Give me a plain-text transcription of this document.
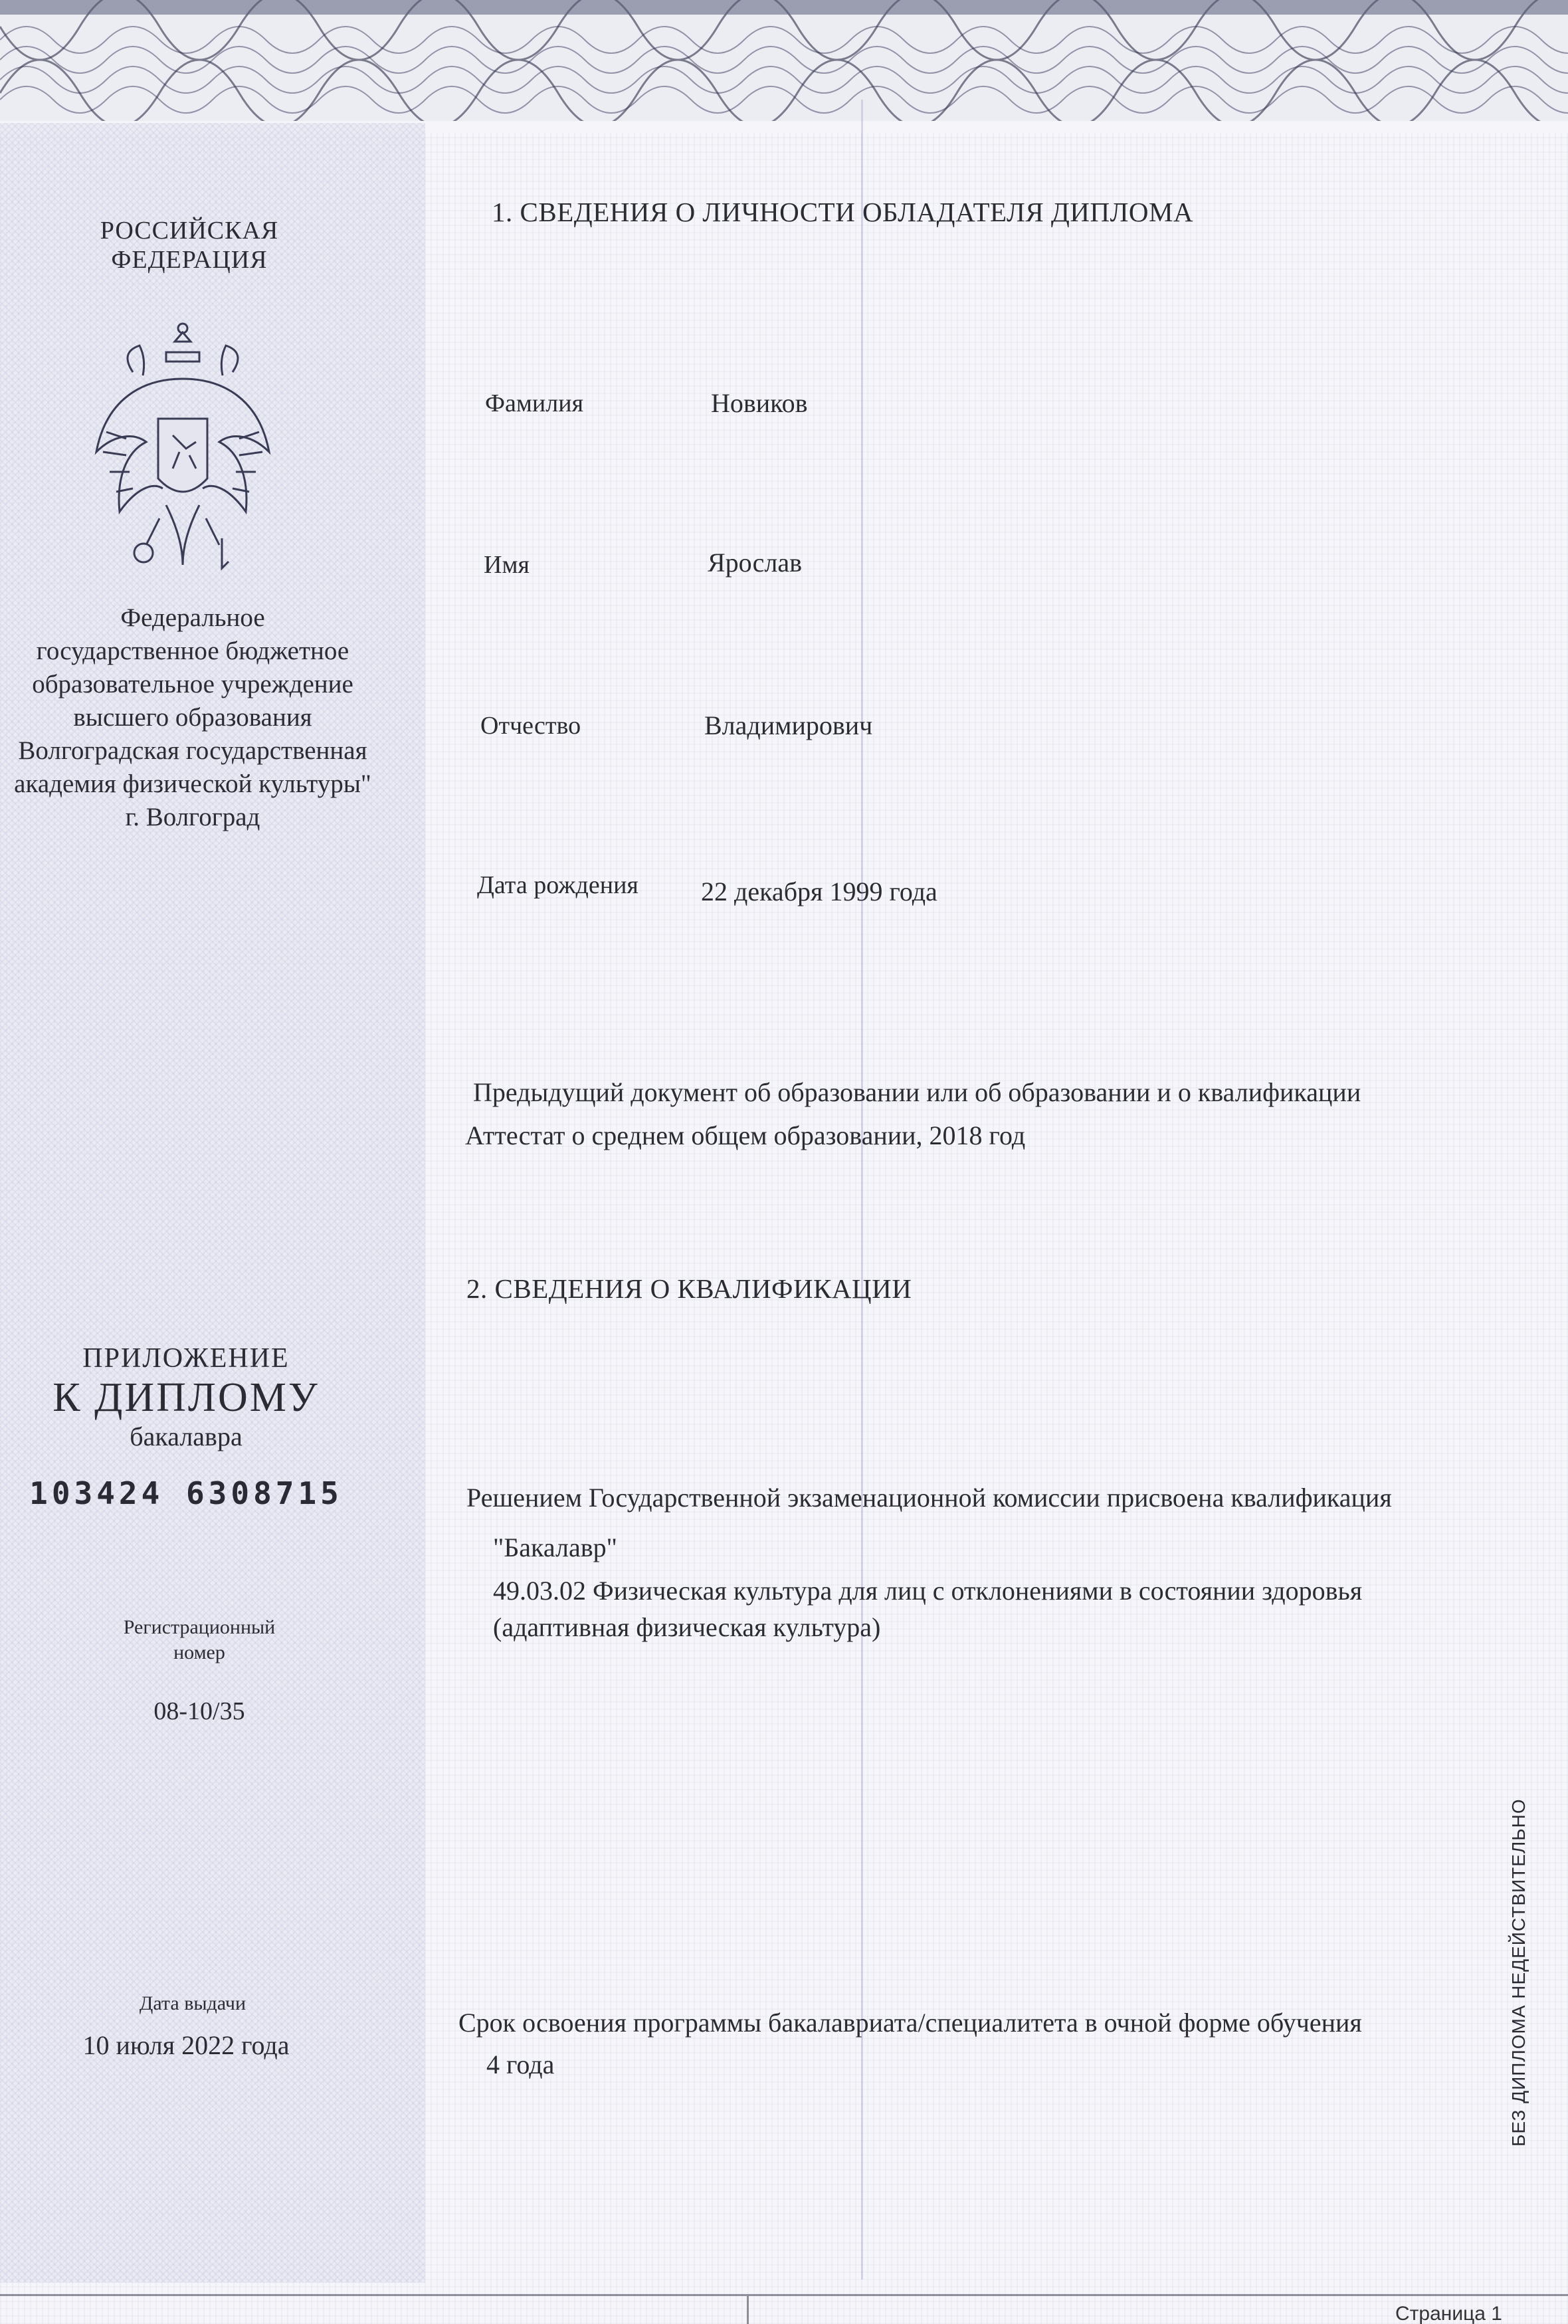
РОССИЙСКАЯ ФЕДЕРАЦИЯ
Федеральное
государственное бюджетное
образовательное учреждение
высшего образования
Волгоградская государственная
академия физической культуры"
г. Волгоград
ПРИЛОЖЕНИЕ
К ДИПЛОМУ
бакалавра
103424 6308715
Регистрационный номер
08-10/35
Дата выдачи
10 июля 2022 года
1. СВЕДЕНИЯ О ЛИЧНОСТИ ОБЛАДАТЕЛЯ ДИПЛОМА
Фамилия	Новиков
Имя	Ярослав
Отчество	Владимирович
Дата рождения 22 декабря 1999 года
Предыдущий документ об образовании или об образовании и о квалификации
Аттестат о среднем общем образовании, 2018 год
2. СВЕДЕНИЯ О КВАЛИФИКАЦИИ
Решением Государственной экзаменационной комиссии присвоена квалификация
"Бакалавр"
49.03.02 Физическая культура для лиц с отклонениями в состоянии здоровья
(адаптивная физическая культура)
Срок освоения программы бакалавриата/специалитета в очной форме обучения
4 года	БЕЗ ДИПЛОМА НЕДЕЙСТВИТЕЛЬНО
Страница 1
